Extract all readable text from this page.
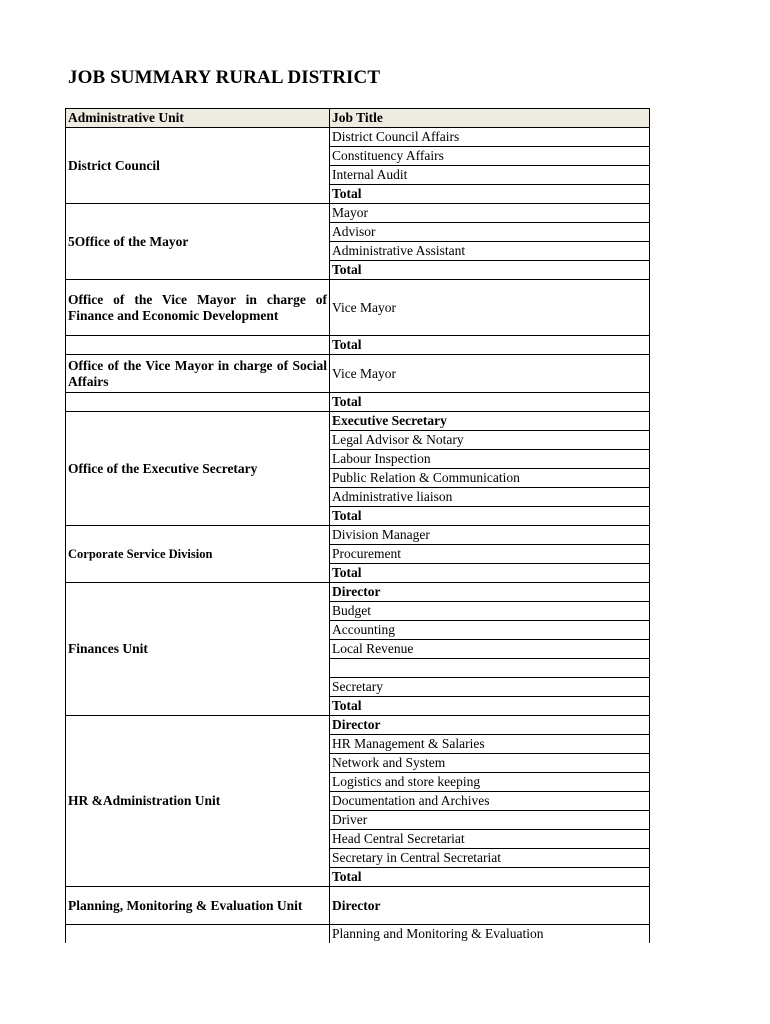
JOB SUMMARY RURAL DISTRICT
Administrative Unit	Job Title
District Council	District Council Affairs
	Constituency Affairs
	Internal Audit
	Total
5Office of the Mayor	Mayor
	Advisor
	Administrative Assistant
	Total
Office of the Vice Mayor in charge of Finance and Economic Development	Vice Mayor
	Total
Office of the Vice Mayor in charge of Social Affairs	Vice Mayor
	Total
Office of the Executive Secretary	Executive Secretary
	Legal Advisor & Notary
	Labour Inspection
	Public Relation & Communication
	Administrative liaison
	Total
Corporate Service Division	Division Manager
	Procurement
	Total
Finances Unit	Director
	Budget
	Accounting
	Local Revenue

	Secretary
	Total
HR &Administration Unit	Director
	HR Management & Salaries
	Network and System
	Logistics and store keeping
	Documentation and Archives
	Driver
	Head Central Secretariat
	Secretary in Central Secretariat
	Total
Planning, Monitoring & Evaluation Unit	Director
	Planning and Monitoring & Evaluation
